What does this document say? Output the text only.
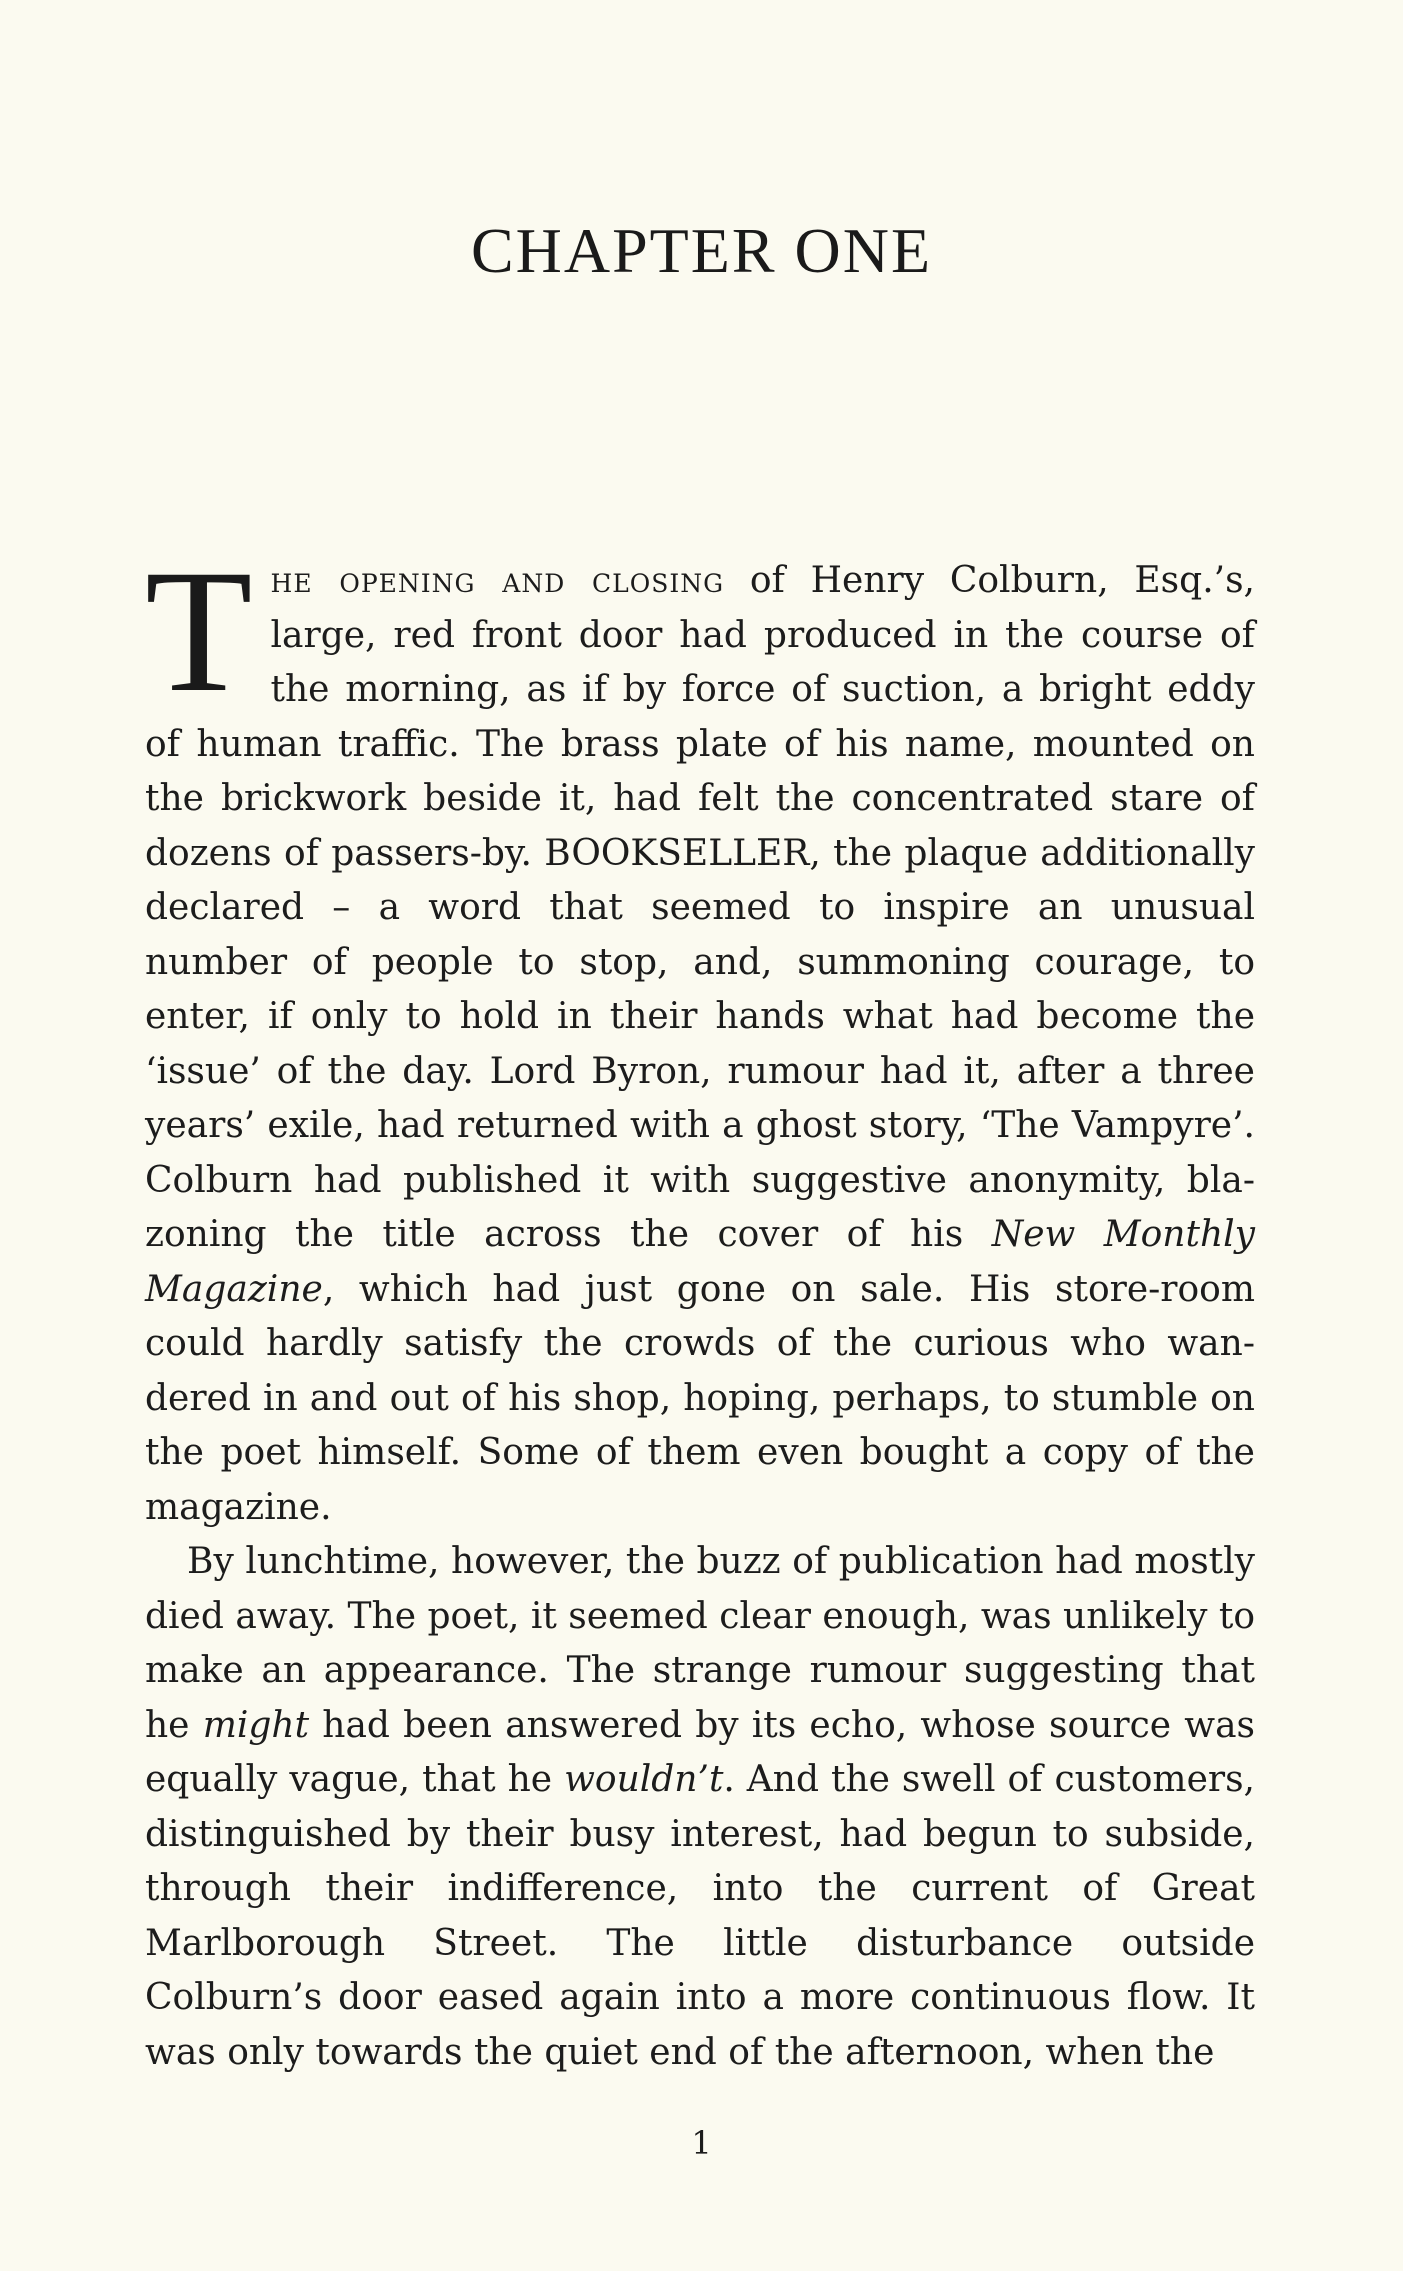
CHAPTER ONE

The opening and closing of Henry Colburn, Esq.’s, large, red front door had produced in the course of the morning, as if by force of suction, a bright eddy of human traffic. The brass plate of his name, mounted on the brickwork beside it, had felt the concentrated stare of dozens of passers-by. BOOKSELLER, the plaque additionally declared – a word that seemed to inspire an unusual number of people to stop, and, summoning courage, to enter, if only to hold in their hands what had become the ‘issue’ of the day. Lord Byron, rumour had it, after a three years’ exile, had returned with a ghost story, ‘The Vampyre’. Colburn had published it with suggestive anonymity, blazoning the title across the cover of his New Monthly Magazine, which had just gone on sale. His store-room could hardly satisfy the crowds of the curious who wandered in and out of his shop, hoping, perhaps, to stumble on the poet himself. Some of them even bought a copy of the magazine.

By lunchtime, however, the buzz of publication had mostly died away. The poet, it seemed clear enough, was unlikely to make an appearance. The strange rumour suggesting that he might had been answered by its echo, whose source was equally vague, that he wouldn’t. And the swell of customers, distinguished by their busy interest, had begun to subside, through their indifference, into the current of Great Marlborough Street. The little disturbance outside Colburn’s door eased again into a more continuous flow. It was only towards the quiet end of the afternoon, when the

1
